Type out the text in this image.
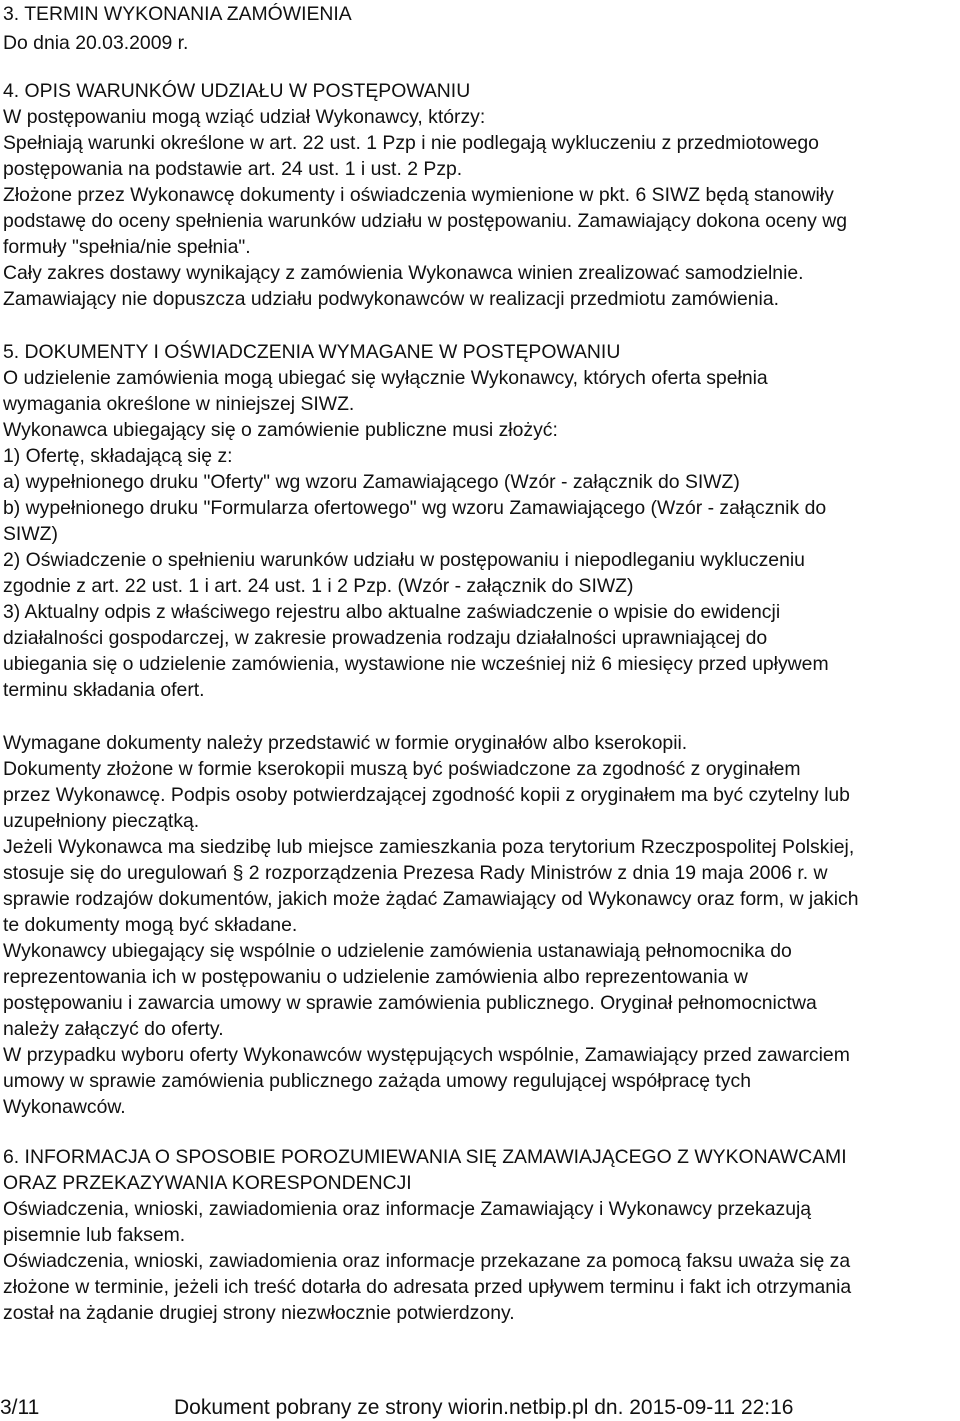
3. TERMIN WYKONANIA ZAMÓWIENIA
Do dnia 20.03.2009 r.
4. OPIS WARUNKÓW UDZIAŁU W POSTĘPOWANIU
W postępowaniu mogą wziąć udział Wykonawcy, którzy:
Spełniają warunki określone w art. 22 ust. 1 Pzp i nie podlegają wykluczeniu z przedmiotowego
postępowania na podstawie art. 24 ust. 1 i ust. 2 Pzp.
Złożone przez Wykonawcę dokumenty i oświadczenia wymienione w pkt. 6 SIWZ będą stanowiły
podstawę do oceny spełnienia warunków udziału w postępowaniu. Zamawiający dokona oceny wg
formuły "spełnia/nie spełnia".
Cały zakres dostawy wynikający z zamówienia Wykonawca winien zrealizować samodzielnie.
Zamawiający nie dopuszcza udziału podwykonawców w realizacji przedmiotu zamówienia.
5. DOKUMENTY I OŚWIADCZENIA WYMAGANE W POSTĘPOWANIU
O udzielenie zamówienia mogą ubiegać się wyłącznie Wykonawcy, których oferta spełnia
wymagania określone w niniejszej SIWZ.
Wykonawca ubiegający się o zamówienie publiczne musi złożyć:
1) Ofertę, składającą się z:
a) wypełnionego druku "Oferty" wg wzoru Zamawiającego (Wzór - załącznik do SIWZ)
b) wypełnionego druku "Formularza ofertowego" wg wzoru Zamawiającego (Wzór - załącznik do
SIWZ)
2) Oświadczenie o spełnieniu warunków udziału w postępowaniu i niepodleganiu wykluczeniu
zgodnie z art. 22 ust. 1 i art. 24 ust. 1 i 2 Pzp. (Wzór - załącznik do SIWZ)
3) Aktualny odpis z właściwego rejestru albo aktualne zaświadczenie o wpisie do ewidencji
działalności gospodarczej, w zakresie prowadzenia rodzaju działalności uprawniającej do
ubiegania się o udzielenie zamówienia, wystawione nie wcześniej niż 6 miesięcy przed upływem
terminu składania ofert.
Wymagane dokumenty należy przedstawić w formie oryginałów albo kserokopii.
Dokumenty złożone w formie kserokopii muszą być poświadczone za zgodność z oryginałem
przez Wykonawcę. Podpis osoby potwierdzającej zgodność kopii z oryginałem ma być czytelny lub
uzupełniony pieczątką.
Jeżeli Wykonawca ma siedzibę lub miejsce zamieszkania poza terytorium Rzeczpospolitej Polskiej,
stosuje się do uregulowań § 2 rozporządzenia Prezesa Rady Ministrów z dnia 19 maja 2006 r. w
sprawie rodzajów dokumentów, jakich może żądać Zamawiający od Wykonawcy oraz form, w jakich
te dokumenty mogą być składane.
Wykonawcy ubiegający się wspólnie o udzielenie zamówienia ustanawiają pełnomocnika do
reprezentowania ich w postępowaniu o udzielenie zamówienia albo reprezentowania w
postępowaniu i zawarcia umowy w sprawie zamówienia publicznego. Oryginał pełnomocnictwa
należy załączyć do oferty.
W przypadku wyboru oferty Wykonawców występujących wspólnie, Zamawiający przed zawarciem
umowy w sprawie zamówienia publicznego zażąda umowy regulującej współpracę tych
Wykonawców.
6. INFORMACJA O SPOSOBIE POROZUMIEWANIA SIĘ ZAMAWIAJĄCEGO Z WYKONAWCAMI
ORAZ PRZEKAZYWANIA KORESPONDENCJI
Oświadczenia, wnioski, zawiadomienia oraz informacje Zamawiający i Wykonawcy przekazują
pisemnie lub faksem.
Oświadczenia, wnioski, zawiadomienia oraz informacje przekazane za pomocą faksu uważa się za
złożone w terminie, jeżeli ich treść dotarła do adresata przed upływem terminu i fakt ich otrzymania
został na żądanie drugiej strony niezwłocznie potwierdzony.
3/11	Dokument pobrany ze strony wiorin.netbip.pl dn. 2015-09-11 22:16
